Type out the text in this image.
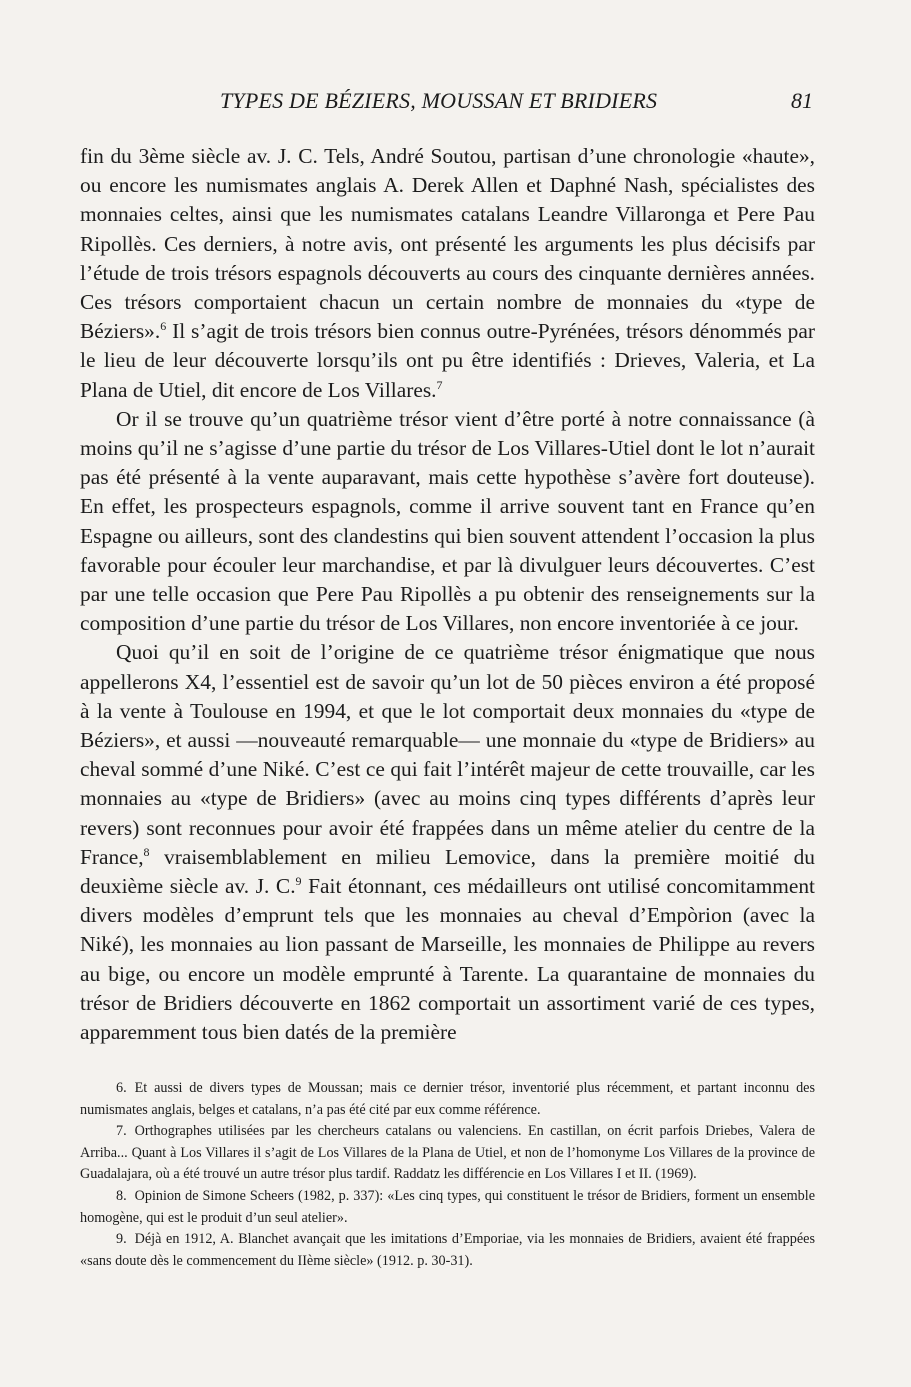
TYPES DE BÉZIERS, MOUSSAN ET BRIDIERS	81

fin du 3ème siècle av. J. C. Tels, André Soutou, partisan d’une chronologie «haute», ou encore les numismates anglais A. Derek Allen et Daphné Nash, spécialistes des monnaies celtes, ainsi que les numismates catalans Leandre Villaronga et Pere Pau Ripollès. Ces derniers, à notre avis, ont présenté les arguments les plus décisifs par l’étude de trois trésors espagnols découverts au cours des cinquante dernières années. Ces trésors comportaient chacun un certain nombre de monnaies du «type de Béziers».$^6$ Il s’agit de trois trésors bien connus outre-Pyrénées, trésors dénommés par le lieu de leur découverte lorsqu’ils ont pu être identifiés : Drieves, Valeria, et La Plana de Utiel, dit encore de Los Villares.$^7$

Or il se trouve qu’un quatrième trésor vient d’être porté à notre connaissance (à moins qu’il ne s’agisse d’une partie du trésor de Los Villares-Utiel dont le lot n’aurait pas été présenté à la vente auparavant, mais cette hypothèse s’avère fort douteuse). En effet, les prospecteurs espagnols, comme il arrive souvent tant en France qu’en Espagne ou ailleurs, sont des clandestins qui bien souvent attendent l’occasion la plus favorable pour écouler leur marchandise, et par là divulguer leurs découvertes. C’est par une telle occasion que Pere Pau Ripollès a pu obtenir des renseignements sur la composition d’une partie du trésor de Los Villares, non encore inventoriée à ce jour.

Quoi qu’il en soit de l’origine de ce quatrième trésor énigmatique que nous appellerons X4, l’essentiel est de savoir qu’un lot de 50 pièces environ a été proposé à la vente à Toulouse en 1994, et que le lot comportait deux monnaies du «type de Béziers», et aussi —nouveauté remarquable— une monnaie du «type de Bridiers» au cheval sommé d’une Niké. C’est ce qui fait l’intérêt majeur de cette trouvaille, car les monnaies au «type de Bridiers» (avec au moins cinq types différents d’après leur revers) sont reconnues pour avoir été frappées dans un même atelier du centre de la France,$^8$ vraisemblablement en milieu Lemovice, dans la première moitié du deuxième siècle av. J. C.$^9$ Fait étonnant, ces médailleurs ont utilisé concomitamment divers modèles d’emprunt tels que les monnaies au cheval d’Empòrion (avec la Niké), les monnaies au lion passant de Marseille, les monnaies de Philippe au revers au bige, ou encore un modèle emprunté à Tarente. La quarantaine de monnaies du trésor de Bridiers découverte en 1862 comportait un assortiment varié de ces types, apparemment tous bien datés de la première

6. Et aussi de divers types de Moussan; mais ce dernier trésor, inventorié plus récemment, et partant inconnu des numismates anglais, belges et catalans, n’a pas été cité par eux comme référence.

7. Orthographes utilisées par les chercheurs catalans ou valenciens. En castillan, on écrit parfois Driebes, Valera de Arriba... Quant à Los Villares il s’agit de Los Villares de la Plana de Utiel, et non de l’homonyme Los Villares de la province de Guadalajara, où a été trouvé un autre trésor plus tardif. Raddatz les différencie en Los Villares I et II. (1969).

8. Opinion de Simone Scheers (1982, p. 337): «Les cinq types, qui constituent le trésor de Bridiers, forment un ensemble homogène, qui est le produit d’un seul atelier».

9. Déjà en 1912, A. Blanchet avançait que les imitations d’Emporiae, via les monnaies de Bridiers, avaient été frappées «sans doute dès le commencement du IIème siècle» (1912. p. 30-31).
